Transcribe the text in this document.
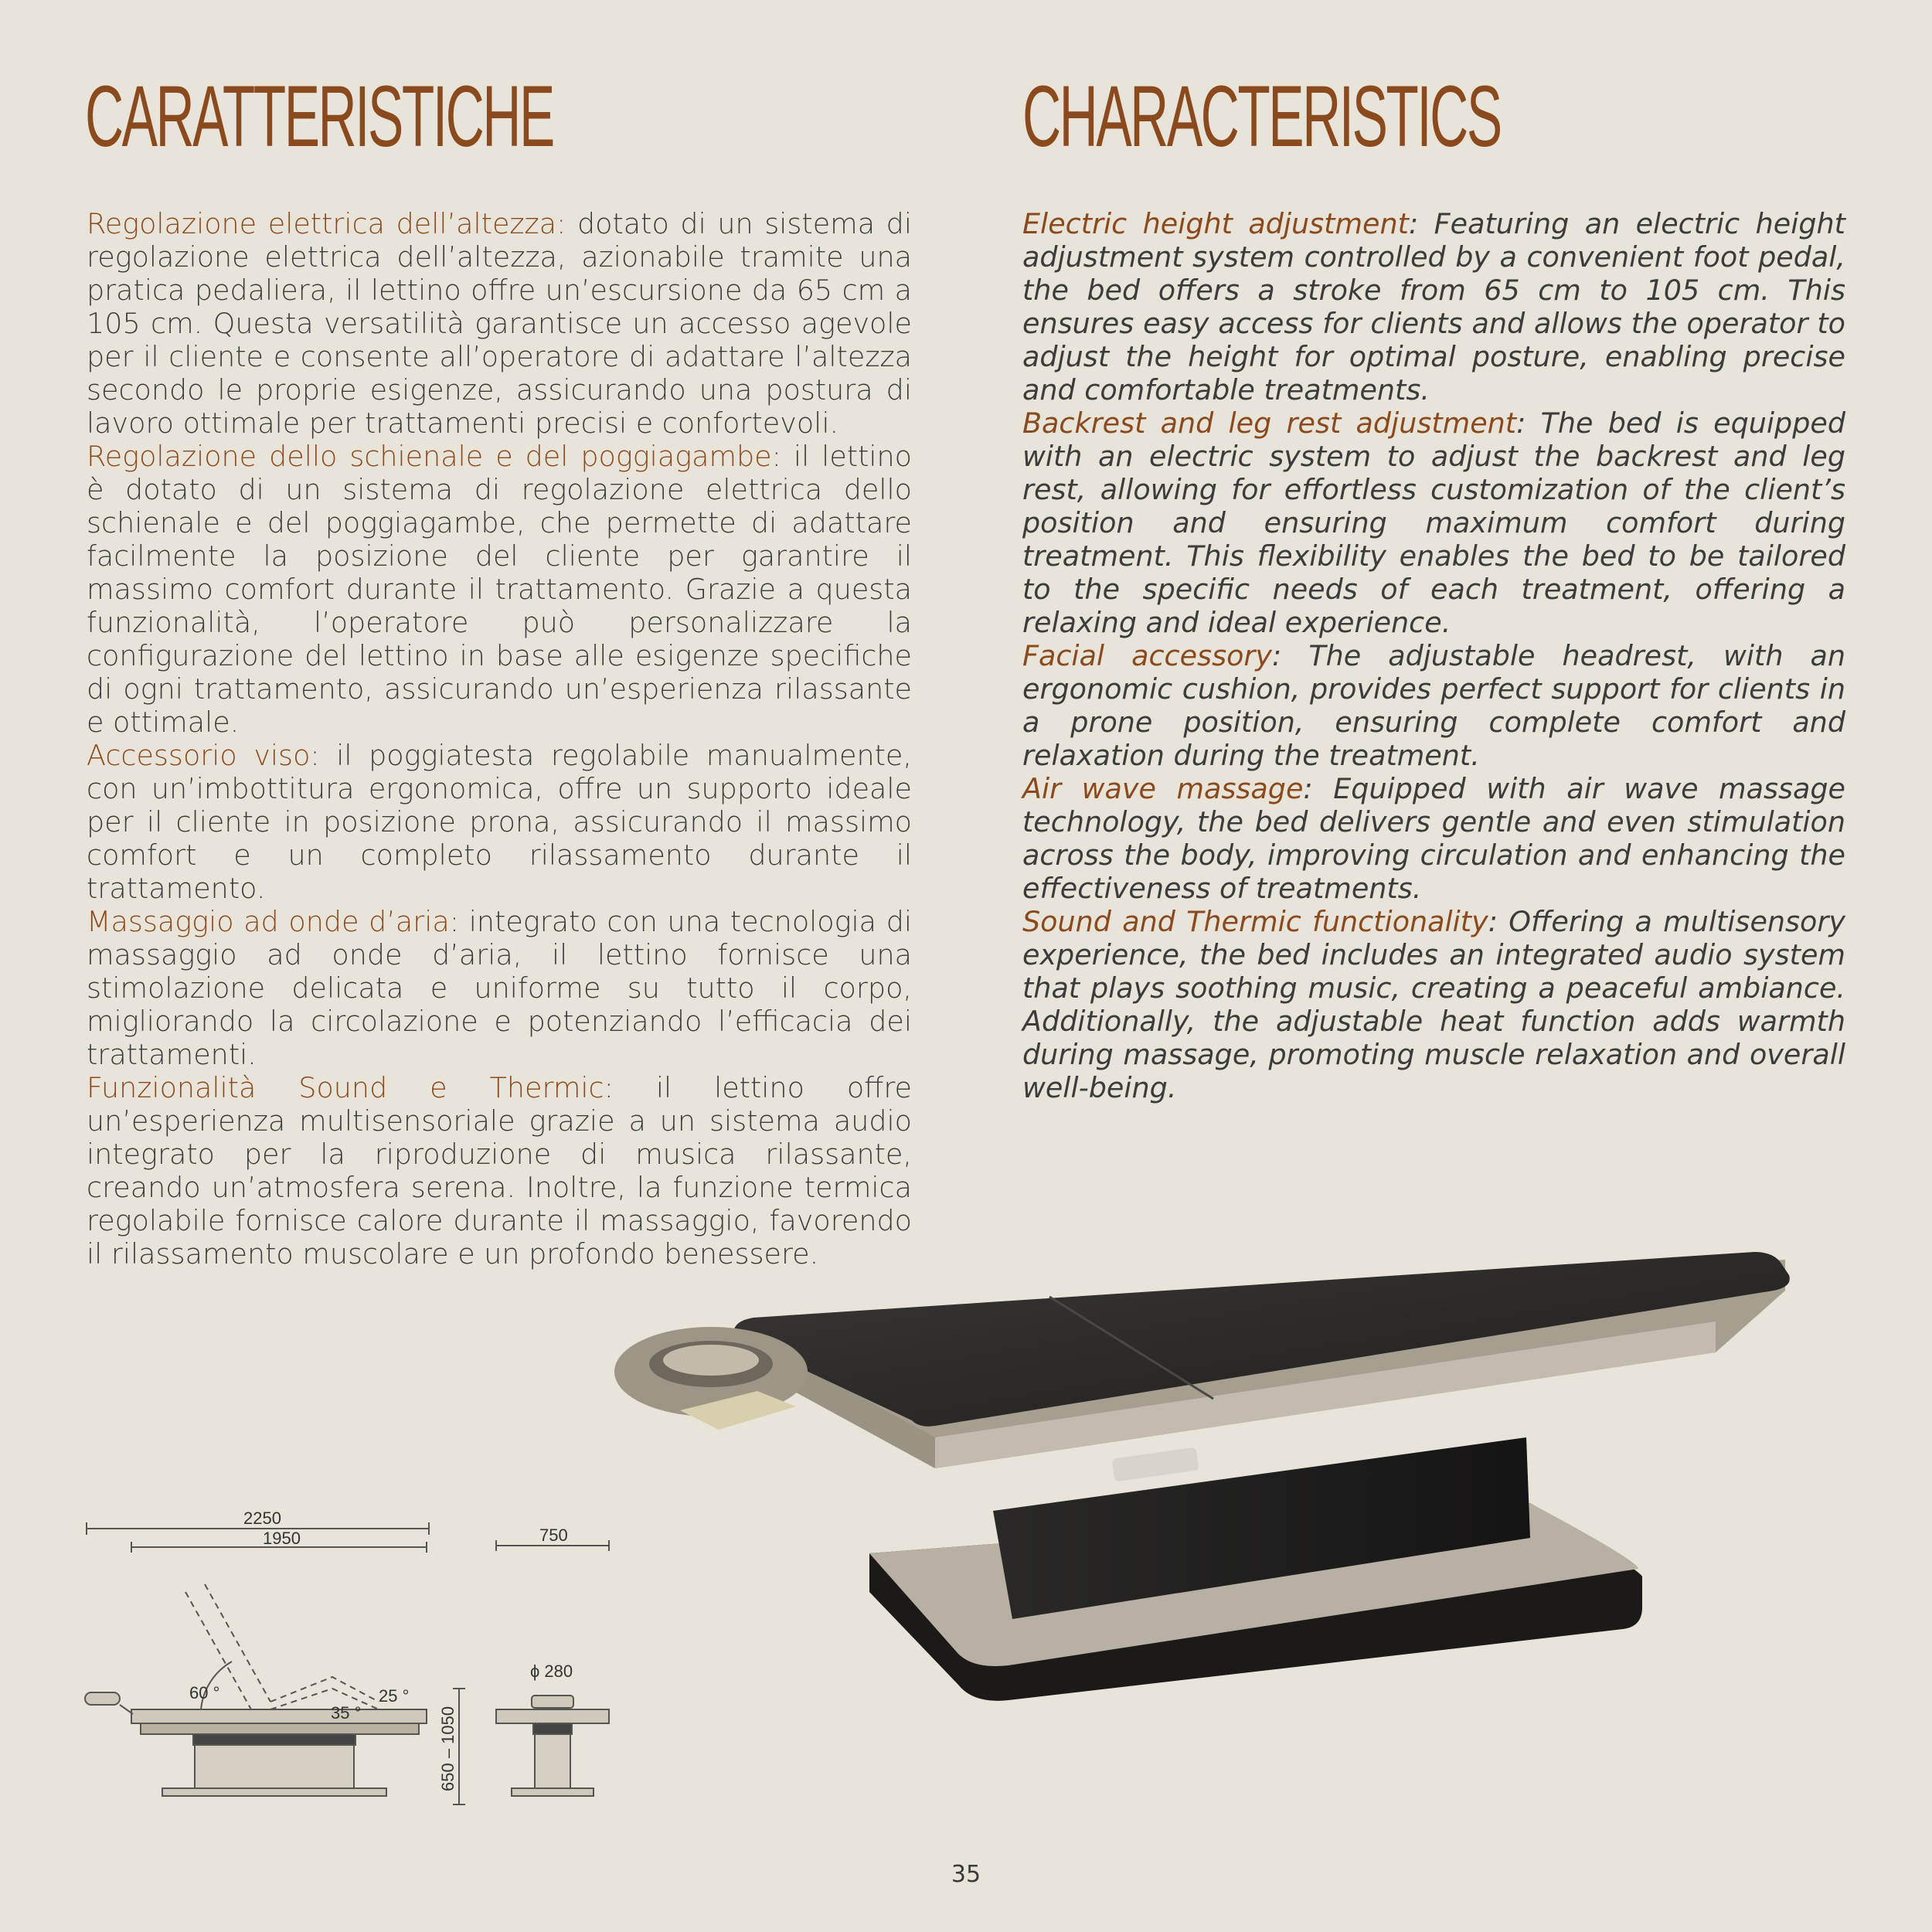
CARATTERISTICHE	CHARACTERISTICS

Regolazione elettrica dell’altezza: dotato di un sistema di regolazione elettrica dell’altezza, azionabile tramite una pratica pedaliera, il lettino offre un’escursione da 65 cm a 105 cm. Questa versatilità garantisce un accesso agevole per il cliente e consente all’operatore di adattare l’altezza secondo le proprie esigenze, assicurando una postura di lavoro ottimale per trattamenti precisi e confortevoli.

Regolazione dello schienale e del poggiagambe: il lettino è dotato di un sistema di regolazione elettrica dello schienale e del poggiagambe, che permette di adattare facilmente la posizione del cliente per garantire il massimo comfort durante il trattamento. Grazie a questa funzionalità, l’operatore può personalizzare la configurazione del lettino in base alle esigenze specifiche di ogni trattamento, assicurando un’esperienza rilassante e ottimale.

Accessorio viso: il poggiatesta regolabile manualmente, con un’imbottitura ergonomica, offre un supporto ideale per il cliente in posizione prona, assicurando il massimo comfort e un completo rilassamento durante il trattamento.

Massaggio ad onde d’aria: integrato con una tecnologia di massaggio ad onde d’aria, il lettino fornisce una stimolazione delicata e uniforme su tutto il corpo, migliorando la circolazione e potenziando l’efficacia dei trattamenti.

Funzionalità Sound e Thermic: il lettino offre un’esperienza multisensoriale grazie a un sistema audio integrato per la riproduzione di musica rilassante, creando un’atmosfera serena. Inoltre, la funzione termica regolabile fornisce calore durante il massaggio, favorendo il rilassamento muscolare e un profondo benessere.

Electric height adjustment: Featuring an electric height adjustment system controlled by a convenient foot pedal, the bed offers a stroke from 65 cm to 105 cm. This ensures easy access for clients and allows the operator to adjust the height for optimal posture, enabling precise and comfortable treatments.

Backrest and leg rest adjustment: The bed is equipped with an electric system to adjust the backrest and leg rest, allowing for effortless customization of the client’s position and ensuring maximum comfort during treatment. This flexibility enables the bed to be tailored to the specific needs of each treatment, offering a relaxing and ideal experience.

Facial accessory: The adjustable headrest, with an ergonomic cushion, provides perfect support for clients in a prone position, ensuring complete comfort and relaxation during the treatment.

Air wave massage: Equipped with air wave massage technology, the bed delivers gentle and even stimulation across the body, improving circulation and enhancing the effectiveness of treatments.

Sound and Thermic functionality: Offering a multisensory experience, the bed includes an integrated audio system that plays soothing music, creating a peaceful ambiance. Additionally, the adjustable heat function adds warmth during massage, promoting muscle relaxation and overall well-being.

2250
1950
60 °
35 °
25 °
750
ϕ 280
650 – 1050
35
